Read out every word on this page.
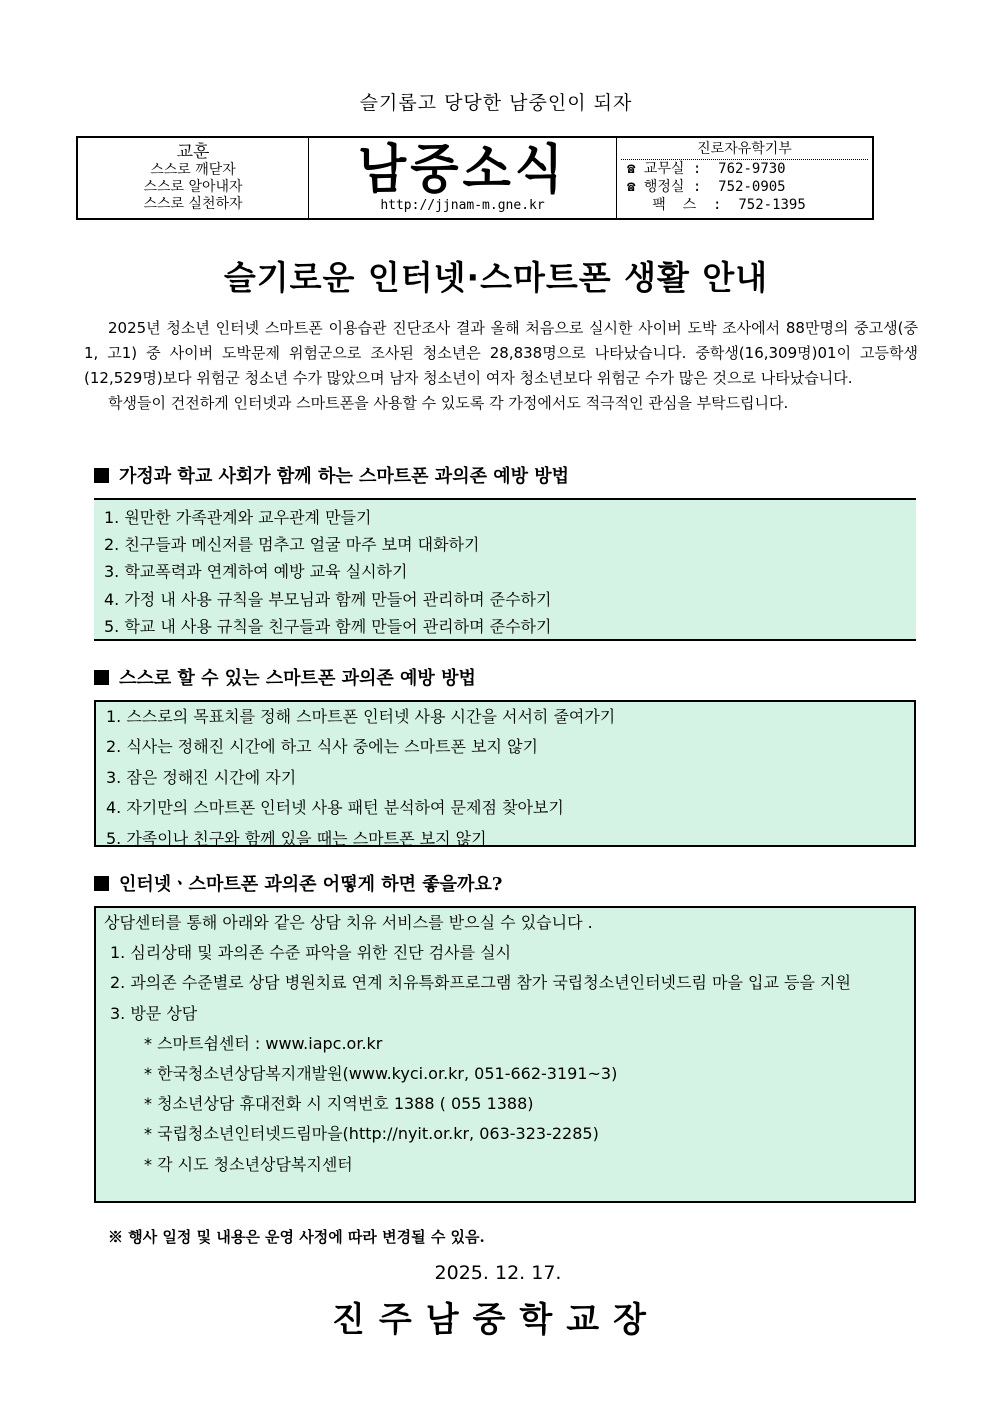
슬기롭고 당당한 남중인이 되자
교훈
스스로 깨닫자
스스로 알아내자
스스로 실천하자
남중소식
http://jjnam-m.gne.kr
진로자유학기부
☎ 교무실 :  762-9730
☎ 행정실 :  752-0905
팩  스  :  752-1395
슬기로운 인터넷·스마트폰 생활 안내

2025년 청소년 인터넷 스마트폰 이용습관 진단조사 결과 올해 처음으로 실시한 사이버 도박 조사에서 88만명의 중고생(중1, 고1) 중 사이버 도박문제 위험군으로 조사된 청소년은 28,838명으로 나타났습니다. 중학생(16,309명)01이 고등학생(12,529명)보다 위험군 청소년 수가 많았으며 남자 청소년이 여자 청소년보다 위험군 수가 많은 것으로 나타났습니다.

학생들이 건전하게 인터넷과 스마트폰을 사용할 수 있도록 각 가정에서도 적극적인 관심을 부탁드립니다.

가정과 학교 사회가 함께 하는 스마트폰 과의존 예방 방법
1. 원만한 가족관계와 교우관계 만들기
2. 친구들과 메신저를 멈추고 얼굴 마주 보며 대화하기
3. 학교폭력과 연계하여 예방 교육 실시하기
4. 가정 내 사용 규칙을 부모님과 함께 만들어 관리하며 준수하기
5. 학교 내 사용 규칙을 친구들과 함께 만들어 관리하며 준수하기
스스로 할 수 있는 스마트폰 과의존 예방 방법
1. 스스로의 목표치를 정해 스마트폰 인터넷 사용 시간을 서서히 줄여가기
2. 식사는 정해진 시간에 하고 식사 중에는 스마트폰 보지 않기
3. 잠은 정해진 시간에 자기
4. 자기만의 스마트폰 인터넷 사용 패턴 분석하여 문제점 찾아보기
5. 가족이나 친구와 함께 있을 때는 스마트폰 보지 않기
인터넷ㆍ스마트폰 과의존 어떻게 하면 좋을까요?
상담센터를 통해 아래와 같은 상담 치유 서비스를 받으실 수 있습니다 .
1. 심리상태 및 과의존 수준 파악을 위한 진단 검사를 실시
2. 과의존 수준별로 상담 병원치료 연계 치유특화프로그램 참가 국립청소년인터넷드림 마을 입교 등을 지원
3. 방문 상담
* 스마트쉼센터 : www.iapc.or.kr
* 한국청소년상담복지개발원(www.kyci.or.kr, 051-662-3191~3)
* 청소년상담 휴대전화 시 지역번호 1388 ( 055 1388)
* 국립청소년인터넷드림마을(http://nyit.or.kr, 063-323-2285)
* 각 시도 청소년상담복지센터
※ 행사 일정 및 내용은 운영 사정에 따라 변경될 수 있음.
2025. 12. 17.
진주남중학교장
